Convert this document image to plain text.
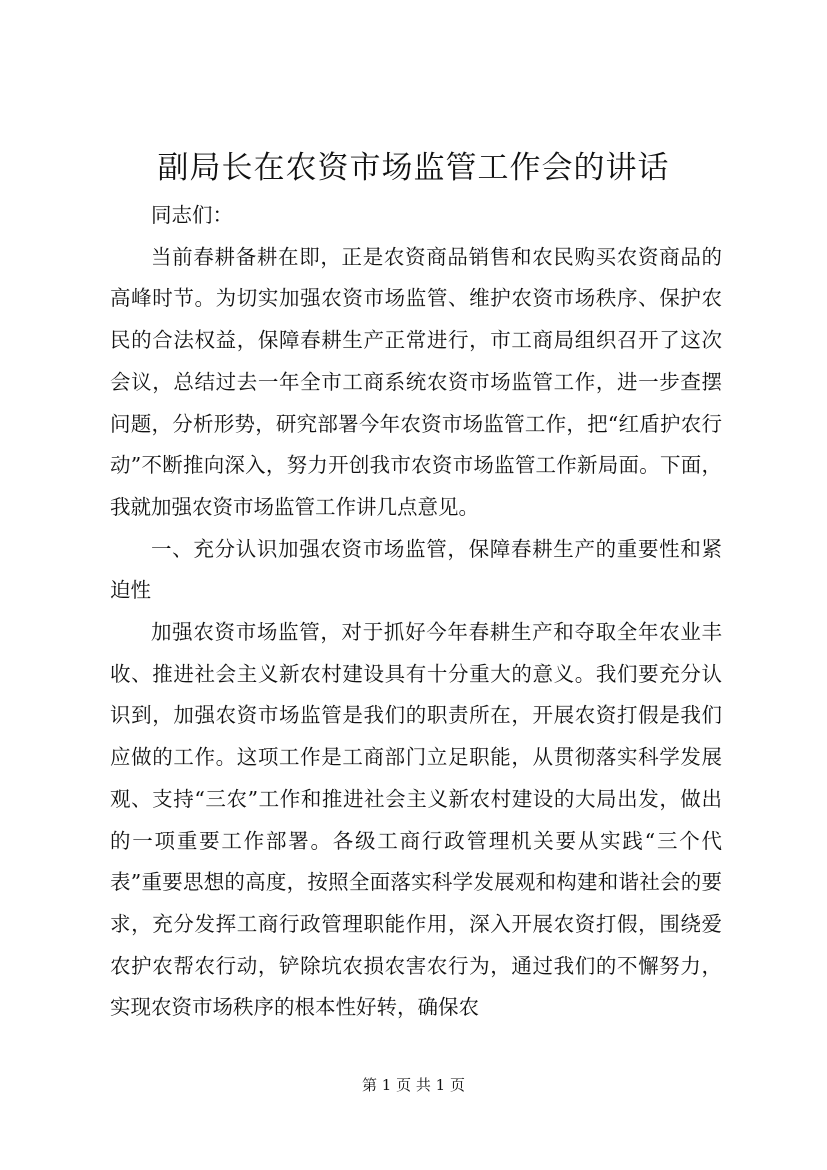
副局长在农资市场监管工作会的讲话

同志们：

当前春耕备耕在即，正是农资商品销售和农民购买农资商品的高峰时节。为切实加强农资市场监管、维护农资市场秩序、保护农民的合法权益，保障春耕生产正常进行，市工商局组织召开了这次会议，总结过去一年全市工商系统农资市场监管工作，进一步查摆问题，分析形势，研究部署今年农资市场监管工作，把“红盾护农行动”不断推向深入，努力开创我市农资市场监管工作新局面。下面，我就加强农资市场监管工作讲几点意见。

一、充分认识加强农资市场监管，保障春耕生产的重要性和紧迫性

加强农资市场监管，对于抓好今年春耕生产和夺取全年农业丰收、推进社会主义新农村建设具有十分重大的意义。我们要充分认识到，加强农资市场监管是我们的职责所在，开展农资打假是我们应做的工作。这项工作是工商部门立足职能，从贯彻落实科学发展观、支持“三农”工作和推进社会主义新农村建设的大局出发，做出的一项重要工作部署。各级工商行政管理机关要从实践“三个代表”重要思想的高度，按照全面落实科学发展观和构建和谐社会的要求，充分发挥工商行政管理职能作用，深入开展农资打假，围绕爱农护农帮农行动，铲除坑农损农害农行为，通过我们的不懈努力，实现农资市场秩序的根本性好转，确保农

第 1 页 共 1 页
